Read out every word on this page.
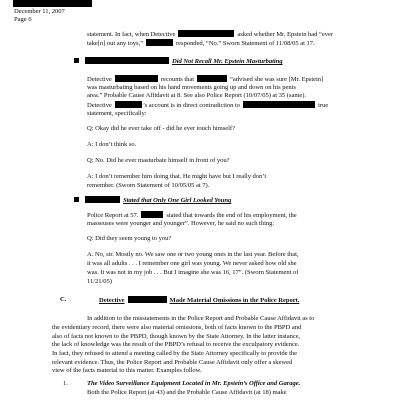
December 11, 2007
Page 6
statement. In fact, when Detective	asked whether Mr. Epstein had “ever
take[n] out any toys,”	responded, “No.” Sworn Statement of 11/08/05 at 17.
Did Not Recall Mr. Epstein Masturbating
Detective	recounts that	“advised she was sure [Mr. Epstein]
was masturbating based on his hand movements going up and down on his penis
area.” Probable Cause Affidavit at 8. See also Police Report (10/07/05) at 35 (same).
Detective	’s account is in direct contradiction to	true
statement, specifically:
Q: Okay did he ever take off - did he ever touch himself?
A: I don’t think so.
Q: No. Did he ever masturbate himself in front of you?
A: I don’t remember him doing that. He might have but I really don’t
remember. (Sworn Statement of 10/05/05 at 7).
Stated that Only One Girl Looked Young
Police Report at 57.	stated that towards the end of his employment, the
masseuses were younger and younger”. However, he said no such thing:
Q: Did they seem young to you?
A. No, sir. Mostly no. We saw one or two young ones in the last year. Before that,
it was all adults . . . I remember one girl was young. We never asked how old she
was. It was not in my job . . . But I imagine she was 16, 17”. (Sworn Statement of
11/21/05)
C.	Detective	Made Material Omissions in the Police Report.
In addition to the misstatements in the Police Report and Probable Cause Affidavit as to
the evidentiary record, there were also material omissions, both of facts known to the PBPD and
also of facts not known to the PBPD, though known by the State Attorney. In the latter instance,
the lack of knowledge was the result of the PBPD’s refusal to receive the exculpatory evidence.
In fact, they refused to attend a meeting called by the State Attorney specifically to provide the
relevant evidence. Thus, the Police Report and Probable Cause Affidavit only offer a skewed
view of the facts material to this matter. Examples follow.
1.	The Video Surveillance Equipment Located in Mr. Epstein’s Office and Garage.
Both the Police Report (at 43) and the Probable Cause Affidavit (at 18) make
